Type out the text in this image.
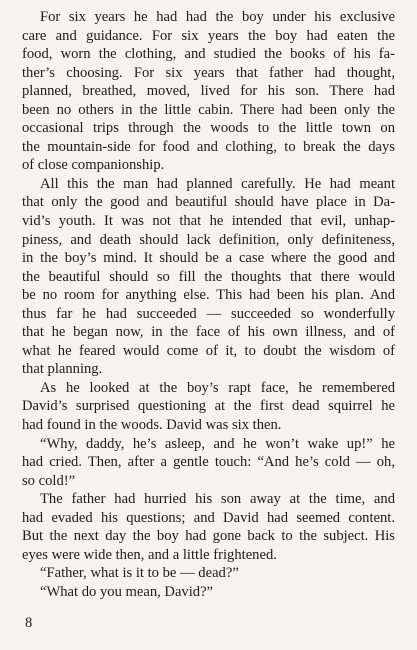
For six years he had had the boy under his exclusive
care and guidance. For six years the boy had eaten the
food, worn the clothing, and studied the books of his fa-
ther’s choosing. For six years that father had thought,
planned, breathed, moved, lived for his son. There had
been no others in the little cabin. There had been only the
occasional trips through the woods to the little town on
the mountain-side for food and clothing, to break the days
of close companionship.
All this the man had planned carefully. He had meant
that only the good and beautiful should have place in Da-
vid’s youth. It was not that he intended that evil, unhap-
piness, and death should lack definition, only definiteness,
in the boy’s mind. It should be a case where the good and
the beautiful should so fill the thoughts that there would
be no room for anything else. This had been his plan. And
thus far he had succeeded — succeeded so wonderfully
that he began now, in the face of his own illness, and of
what he feared would come of it, to doubt the wisdom of
that planning.
As he looked at the boy’s rapt face, he remembered
David’s surprised questioning at the first dead squirrel he
had found in the woods. David was six then.
“Why, daddy, he’s asleep, and he won’t wake up!” he
had cried. Then, after a gentle touch: “And he’s cold — oh,
so cold!”
The father had hurried his son away at the time, and
had evaded his questions; and David had seemed content.
But the next day the boy had gone back to the subject. His
eyes were wide then, and a little frightened.
“Father, what is it to be — dead?”
“What do you mean, David?”
8
